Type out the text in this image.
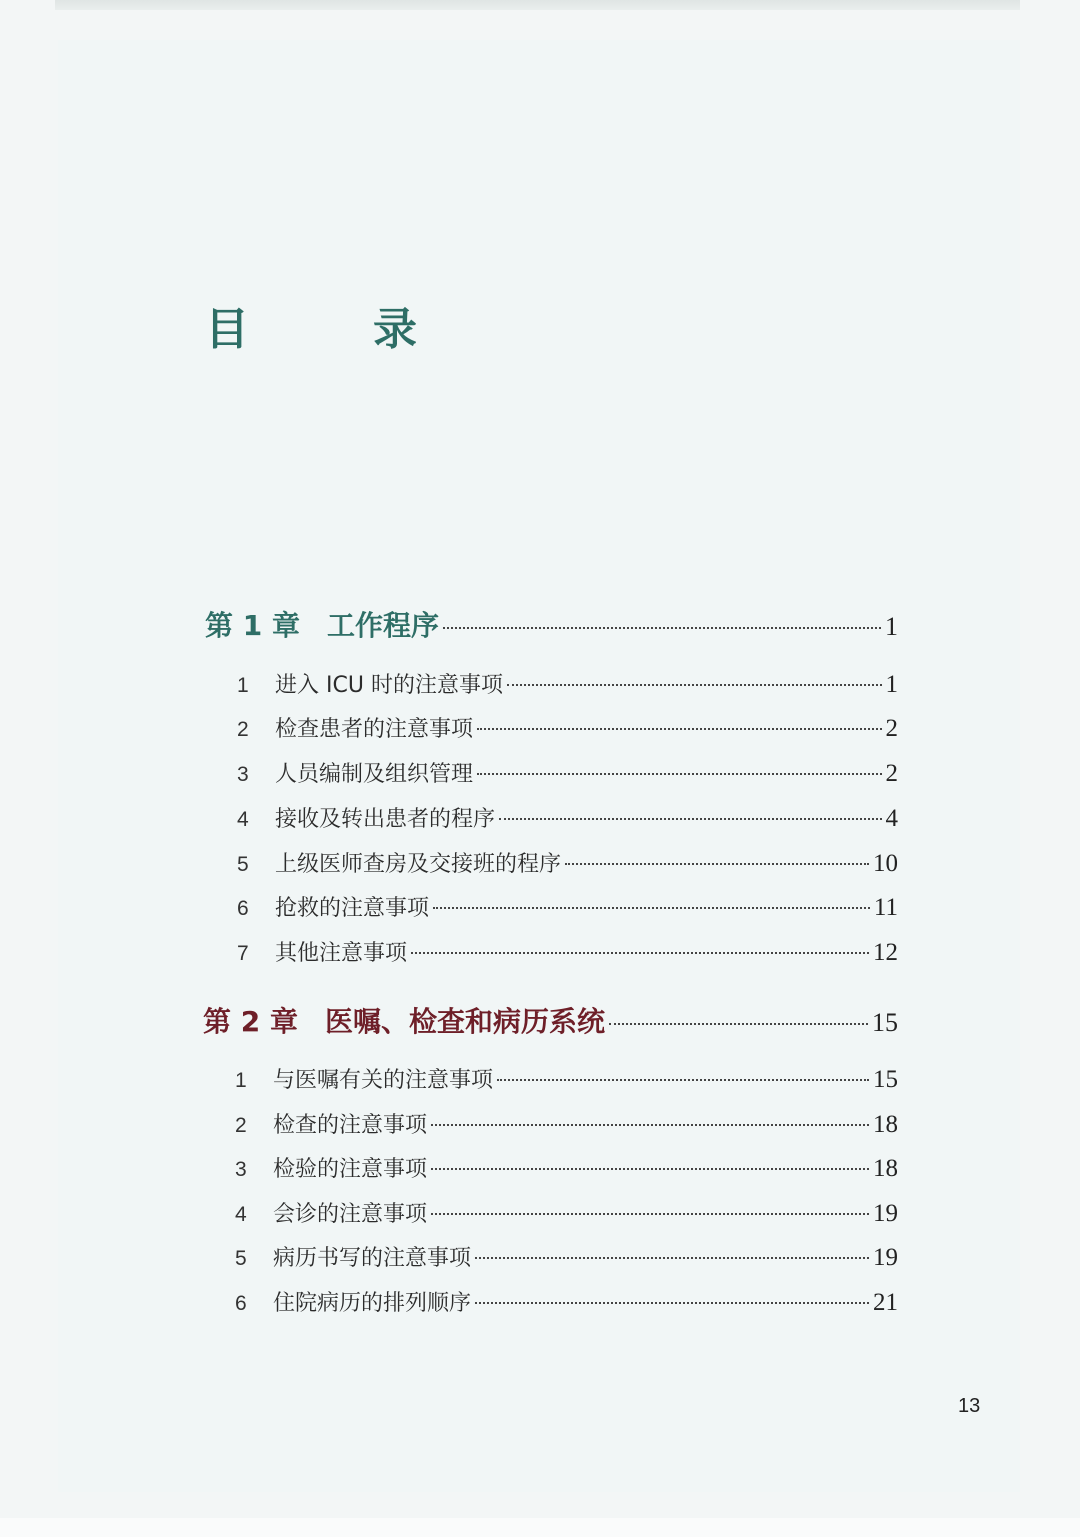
目　录
第 1 章 工作程序	1
1	进入 ICU 时的注意事项	1
2	检查患者的注意事项	2
3	人员编制及组织管理	2
4	接收及转出患者的程序	4
5	上级医师查房及交接班的程序	10
6	抢救的注意事项	11
7	其他注意事项	12
第 2 章 医嘱、检查和病历系统	15
1	与医嘱有关的注意事项	15
2	检查的注意事项	18
3	检验的注意事项	18
4	会诊的注意事项	19
5	病历书写的注意事项	19
6	住院病历的排列顺序	21
13
